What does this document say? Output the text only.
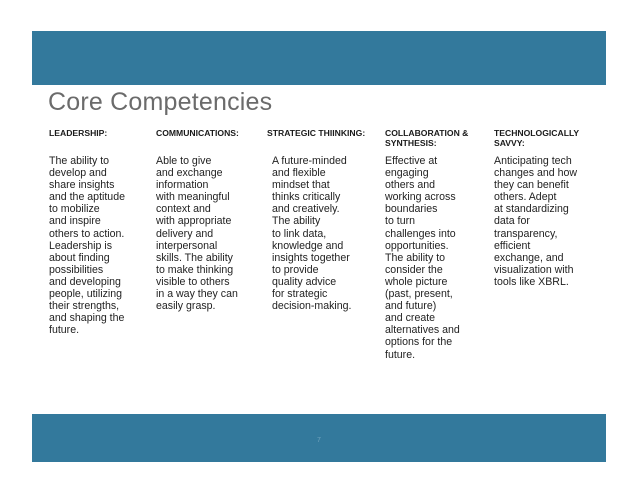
Core Competencies

LEADERSHIP:

The ability to
develop and
share insights
and the aptitude
to mobilize
and inspire
others to action.
Leadership is
about finding
possibilities
and developing
people, utilizing
their strengths,
and shaping the
future.

COMMUNICATIONS:

Able to give
and exchange
information
with meaningful
context and
with appropriate
delivery and
interpersonal
skills. The ability
to make thinking
visible to others
in a way they can
easily grasp.

STRATEGIC THIINKING:

A future-minded
and flexible
mindset that
thinks critically
and creatively.
The ability
to link data,
knowledge and
insights together
to provide
quality advice
for strategic
decision-making.

COLLABORATION &
SYNTHESIS:

Effective at
engaging
others and
working across
boundaries
to turn
challenges into
opportunities.
The ability to
consider the
whole picture
(past, present,
and future)
and create
alternatives and
options for the
future.

TECHNOLOGICALLY
SAVVY:

Anticipating tech
changes and how
they can benefit
others. Adept
at standardizing
data for
transparency,
efficient
exchange, and
visualization with
tools like XBRL.
7
